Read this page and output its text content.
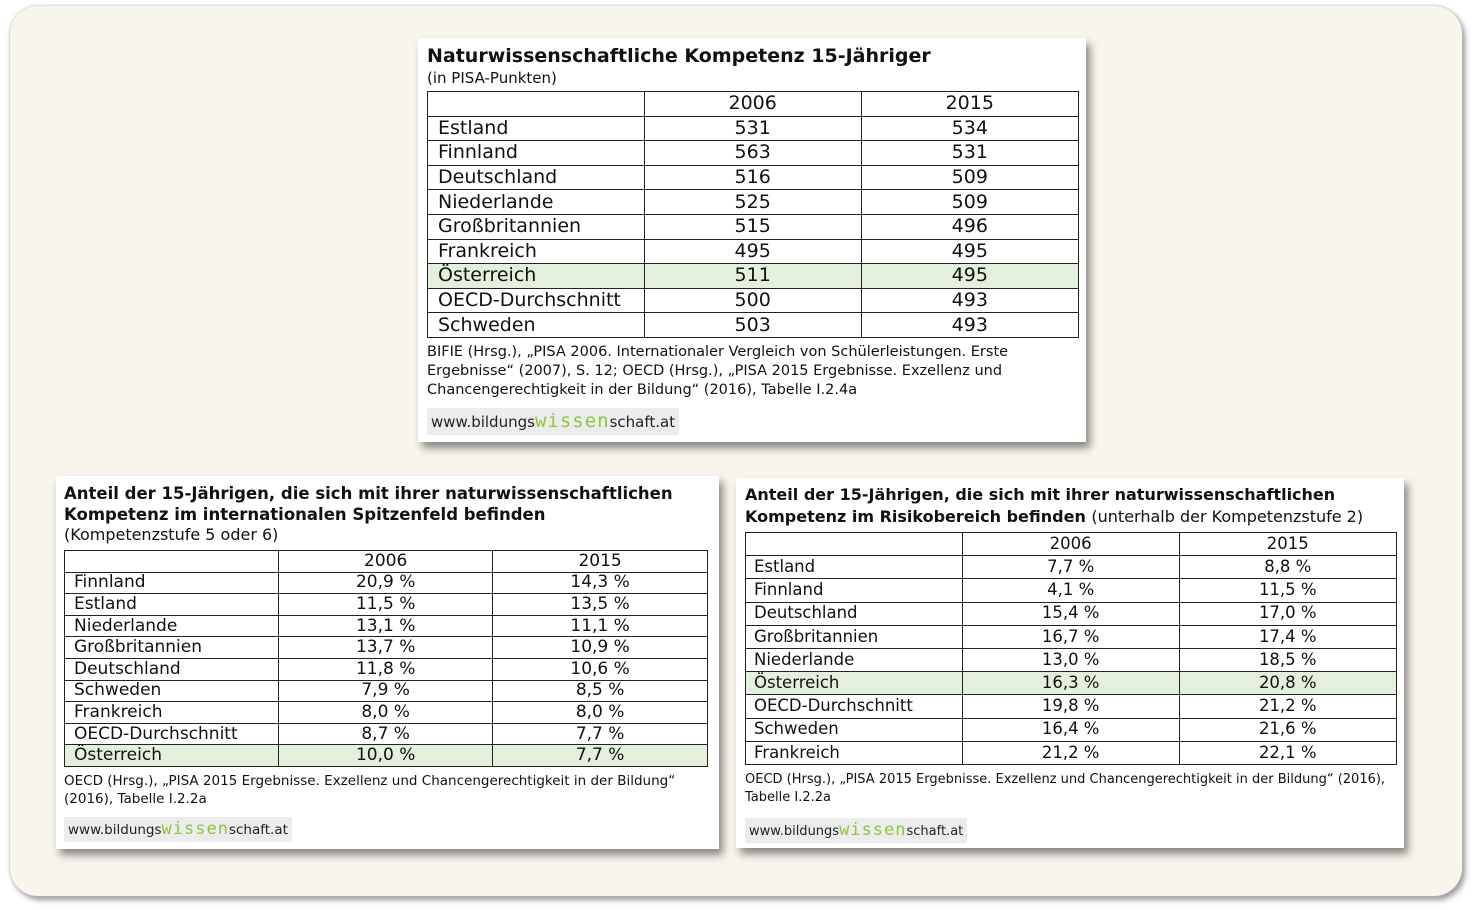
Naturwissenschaftliche Kompetenz 15-Jähriger

(in PISA-Punkten)

	2006	2015
Estland	531	534
Finnland	563	531
Deutschland	516	509
Niederlande	525	509
Großbritannien	515	496
Frankreich	495	495
Österreich	511	495
OECD-Durchschnitt	500	493
Schweden	503	493

BIFIE (Hrsg.), „PISA 2006. Internationaler Vergleich von Schülerleistungen. Erste Ergebnisse“ (2007), S. 12; OECD (Hrsg.), „PISA 2015 Ergebnisse. Exzellenz und Chancengerechtigkeit in der Bildung“ (2016), Tabelle I.2.4a

www.bildungswissenschaft.at

Anteil der 15-Jährigen, die sich mit ihrer naturwissenschaftlichen Kompetenz im internationalen Spitzenfeld befinden

(Kompetenzstufe 5 oder 6)

	2006	2015
Finnland	20,9 %	14,3 %
Estland	11,5 %	13,5 %
Niederlande	13,1 %	11,1 %
Großbritannien	13,7 %	10,9 %
Deutschland	11,8 %	10,6 %
Schweden	7,9 %	8,5 %
Frankreich	8,0 %	8,0 %
OECD-Durchschnitt	8,7 %	7,7 %
Österreich	10,0 %	7,7 %

OECD (Hrsg.), „PISA 2015 Ergebnisse. Exzellenz und Chancengerechtigkeit in der Bildung“ (2016), Tabelle I.2.2a

www.bildungswissenschaft.at

Anteil der 15-Jährigen, die sich mit ihrer naturwissenschaftlichen Kompetenz im Risikobereich befinden (unterhalb der Kompetenzstufe 2)

	2006	2015
Estland	7,7 %	8,8 %
Finnland	4,1 %	11,5 %
Deutschland	15,4 %	17,0 %
Großbritannien	16,7 %	17,4 %
Niederlande	13,0 %	18,5 %
Österreich	16,3 %	20,8 %
OECD-Durchschnitt	19,8 %	21,2 %
Schweden	16,4 %	21,6 %
Frankreich	21,2 %	22,1 %

OECD (Hrsg.), „PISA 2015 Ergebnisse. Exzellenz und Chancengerechtigkeit in der Bildung“ (2016), Tabelle I.2.2a

www.bildungswissenschaft.at
